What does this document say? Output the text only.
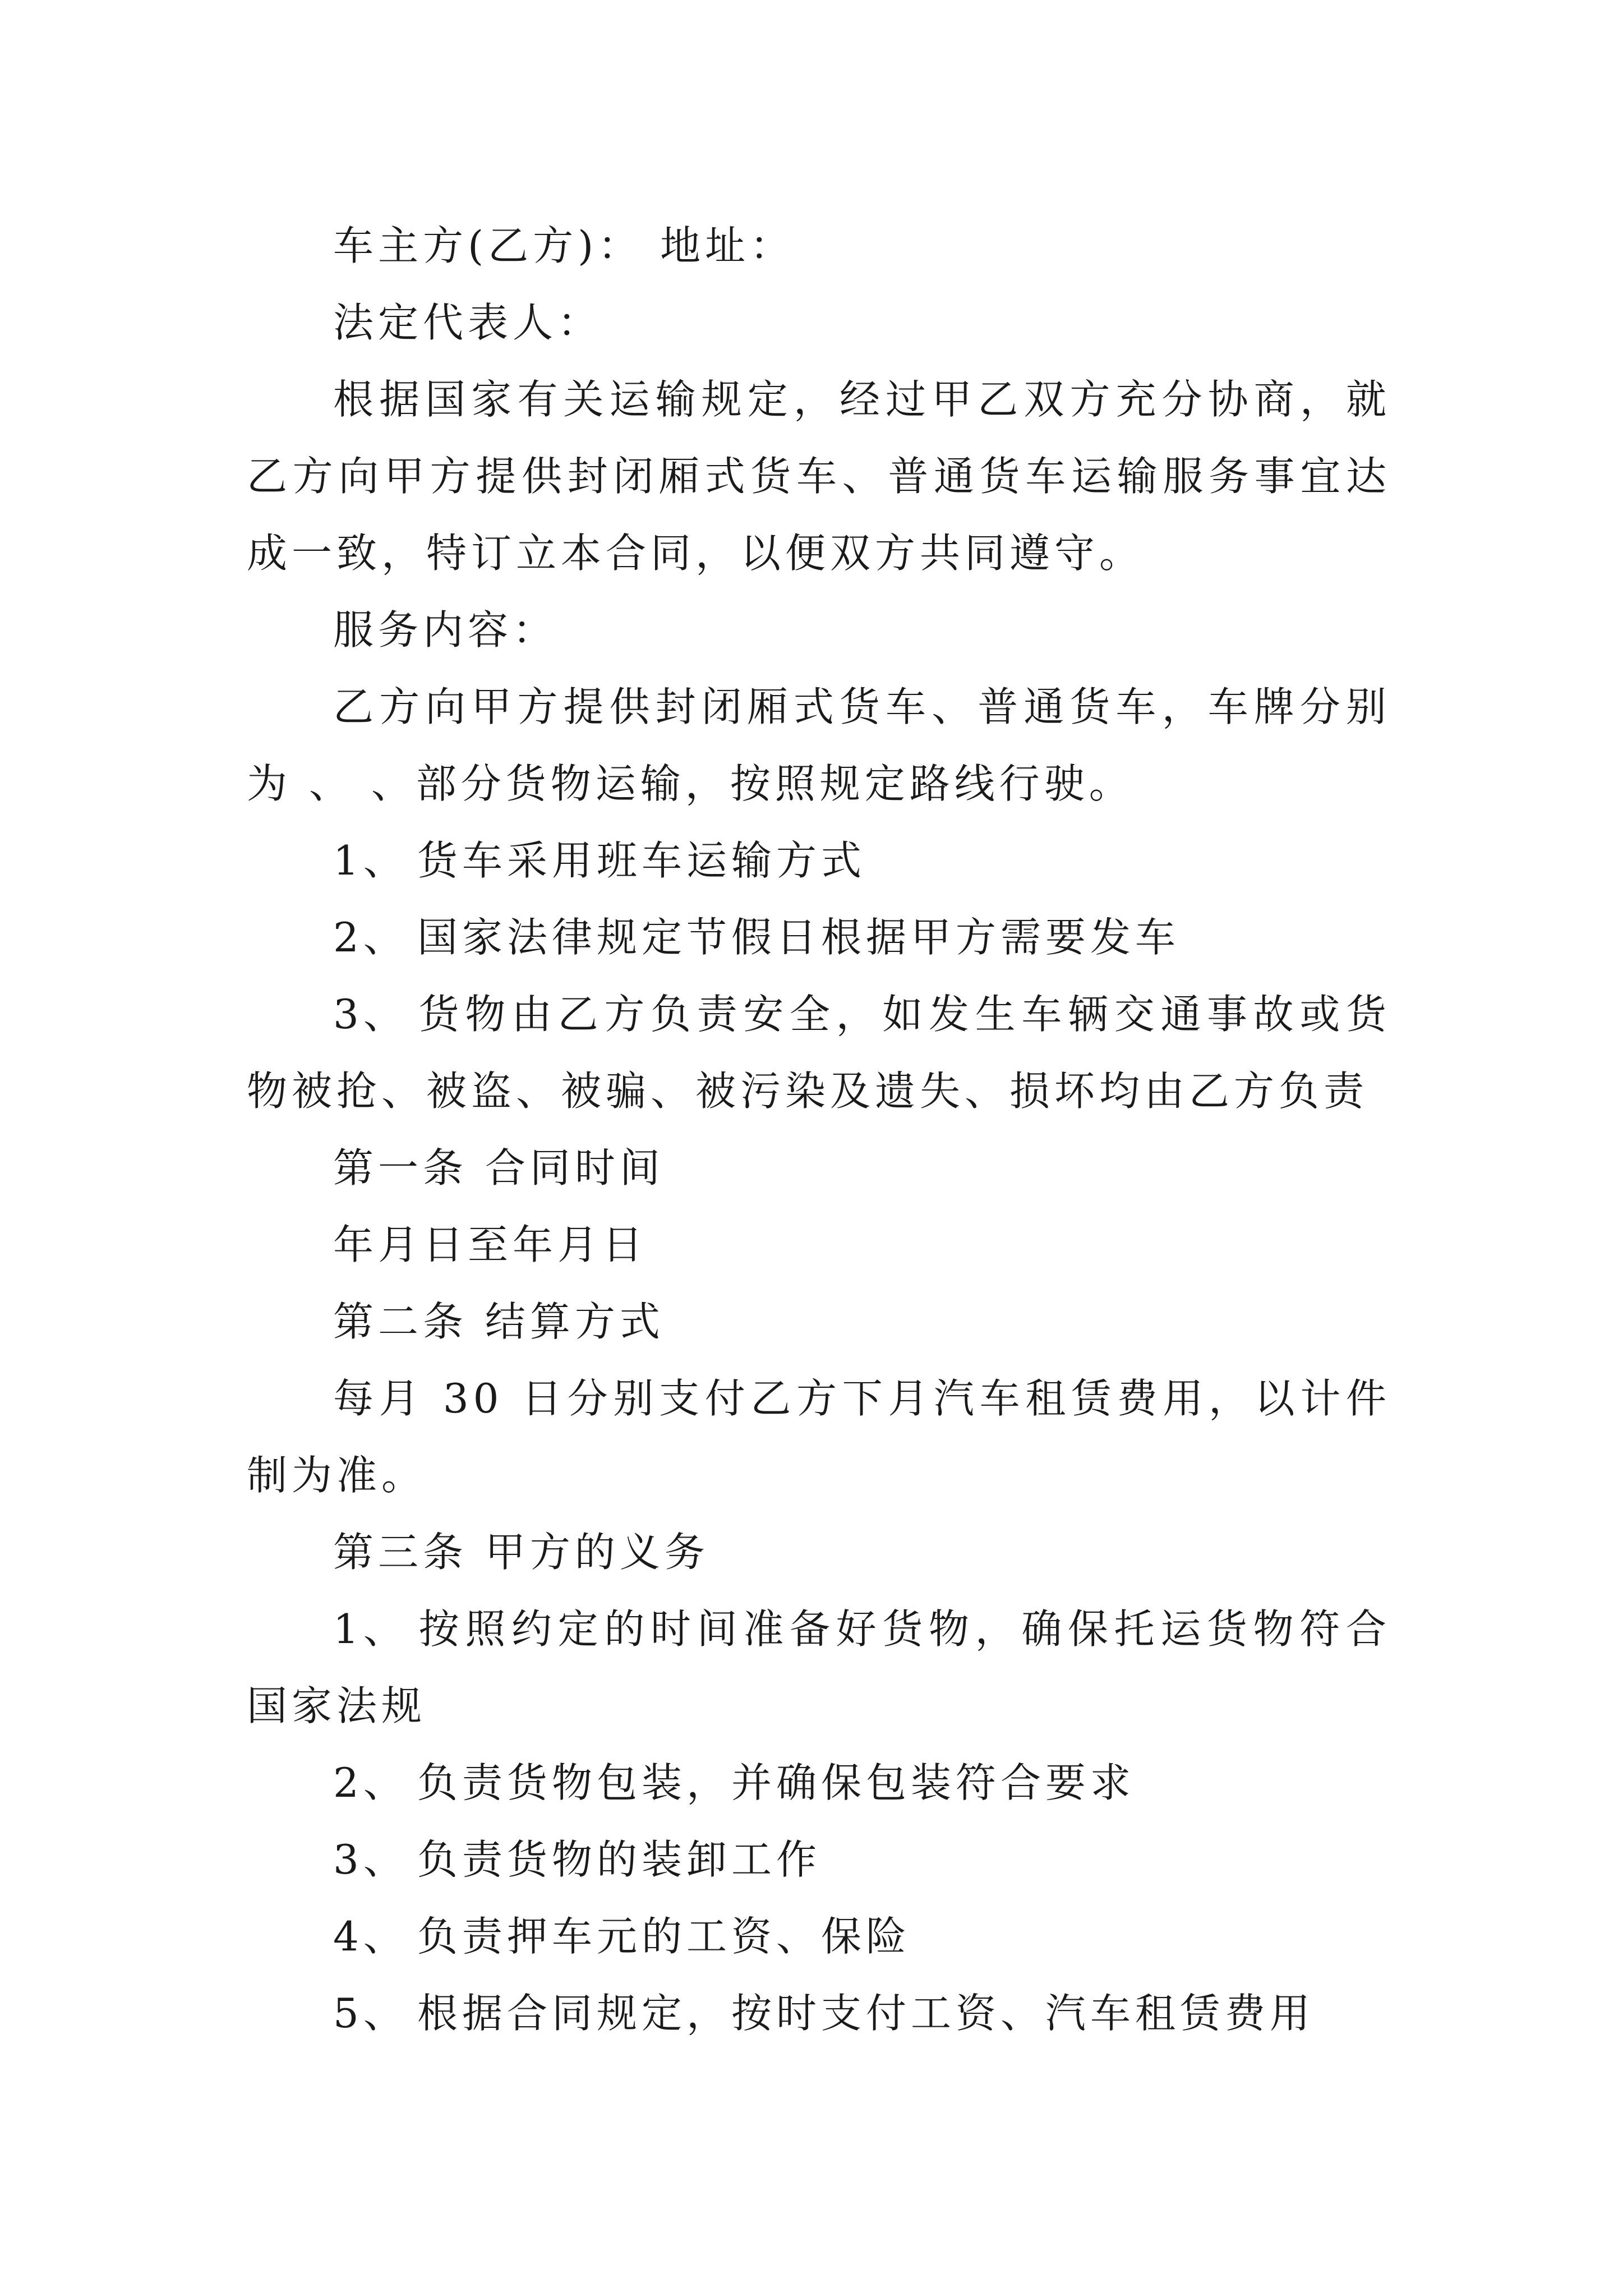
车主方(乙方)： 地址：

法定代表人：

根据国家有关运输规定，经过甲乙双方充分协商，就乙方向甲方提供封闭厢式货车、普通货车运输服务事宜达成一致，特订立本合同，以便双方共同遵守。

服务内容：

乙方向甲方提供封闭厢式货车、普通货车，车牌分别为 、 、部分货物运输，按照规定路线行驶。

1、 货车采用班车运输方式

2、 国家法律规定节假日根据甲方需要发车

3、 货物由乙方负责安全，如发生车辆交通事故或货物被抢、被盗、被骗、被污染及遗失、损坏均由乙方负责

第一条 合同时间

年月日至年月日

第二条 结算方式

每月 30 日分别支付乙方下月汽车租赁费用，以计件制为准。

第三条 甲方的义务

1、 按照约定的时间准备好货物，确保托运货物符合国家法规

2、 负责货物包装，并确保包装符合要求

3、 负责货物的装卸工作

4、 负责押车元的工资、保险

5、 根据合同规定，按时支付工资、汽车租赁费用
